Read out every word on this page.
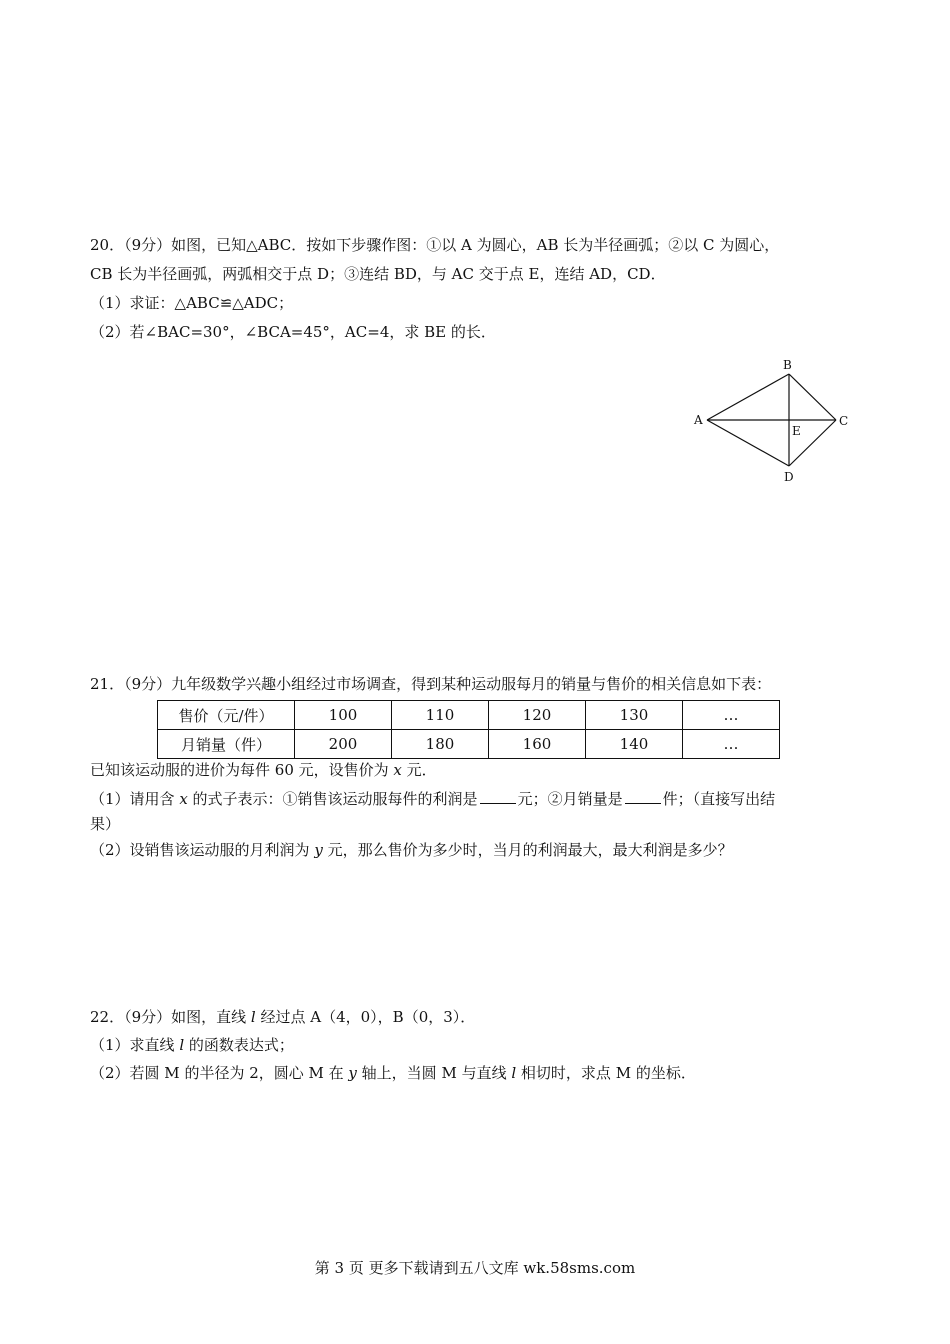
20．（9分）如图，已知△ABC．按如下步骤作图：①以 A 为圆心，AB 长为半径画弧；②以 C 为圆心，
CB 长为半径画弧，两弧相交于点 D；③连结 BD，与 AC 交于点 E，连结 AD，CD．
（1）求证：△ABC≌△ADC；
（2）若∠BAC=30°，∠BCA=45°，AC=4，求 BE 的长．
B
A	C
E
D
21．（9分）九年级数学兴趣小组经过市场调查，得到某种运动服每月的销量与售价的相关信息如下表：
售价（元/件）	100	110	120	130	…
月销量（件）	200	180	160	140	…
已知该运动服的进价为每件 60 元，设售价为 x 元．
（1）请用含 x 的式子表示：①销售该运动服每件的利润是	元；②月销量是	件；（直接写出结
果）
（2）设销售该运动服的月利润为 y 元，那么售价为多少时，当月的利润最大，最大利润是多少？
22．（9分）如图，直线 l 经过点 A（4，0），B（0，3）．
（1）求直线 l 的函数表达式；
（2）若圆 M 的半径为 2，圆心 M 在 y 轴上，当圆 M 与直线 l 相切时，求点 M 的坐标．
第 3 页 更多下载请到五八文库 wk.58sms.com
